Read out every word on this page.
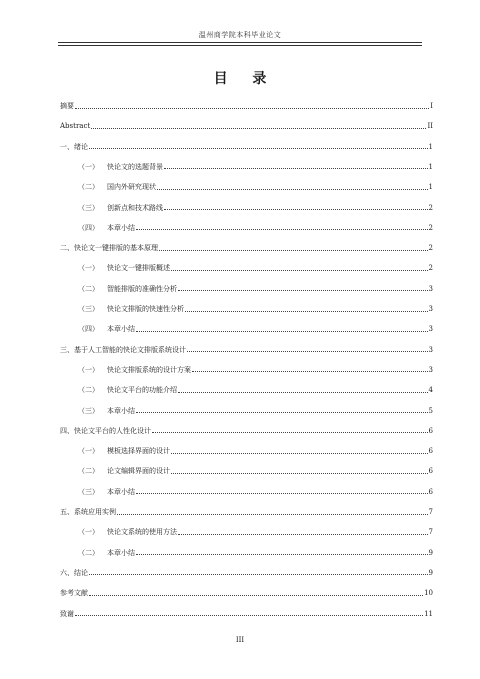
温州商学院本科毕业论文
目 录
摘要	I
Abstract	II
一、绪论	1
（一） 快论文的选题背景	1
（二） 国内外研究现状	1
（三） 创新点和技术路线	2
（四） 本章小结	2
二、快论文一键排版的基本原理	2
（一） 快论文一键排版概述	2
（二） 智能排版的准确性分析	3
（三） 快论文排版的快速性分析	3
（四） 本章小结	3
三、基于人工智能的快论文排版系统设计	3
（一） 快论文排版系统的设计方案	3
（二） 快论文平台的功能介绍	4
（三） 本章小结	5
四、快论文平台的人性化设计	6
（一） 模板选择界面的设计	6
（二） 论文编辑界面的设计	6
（三） 本章小结	6
五、系统应用实例	7
（一） 快论文系统的使用方法	7
（二） 本章小结	9
六、结论	9
参考文献	10
致谢	11
III
